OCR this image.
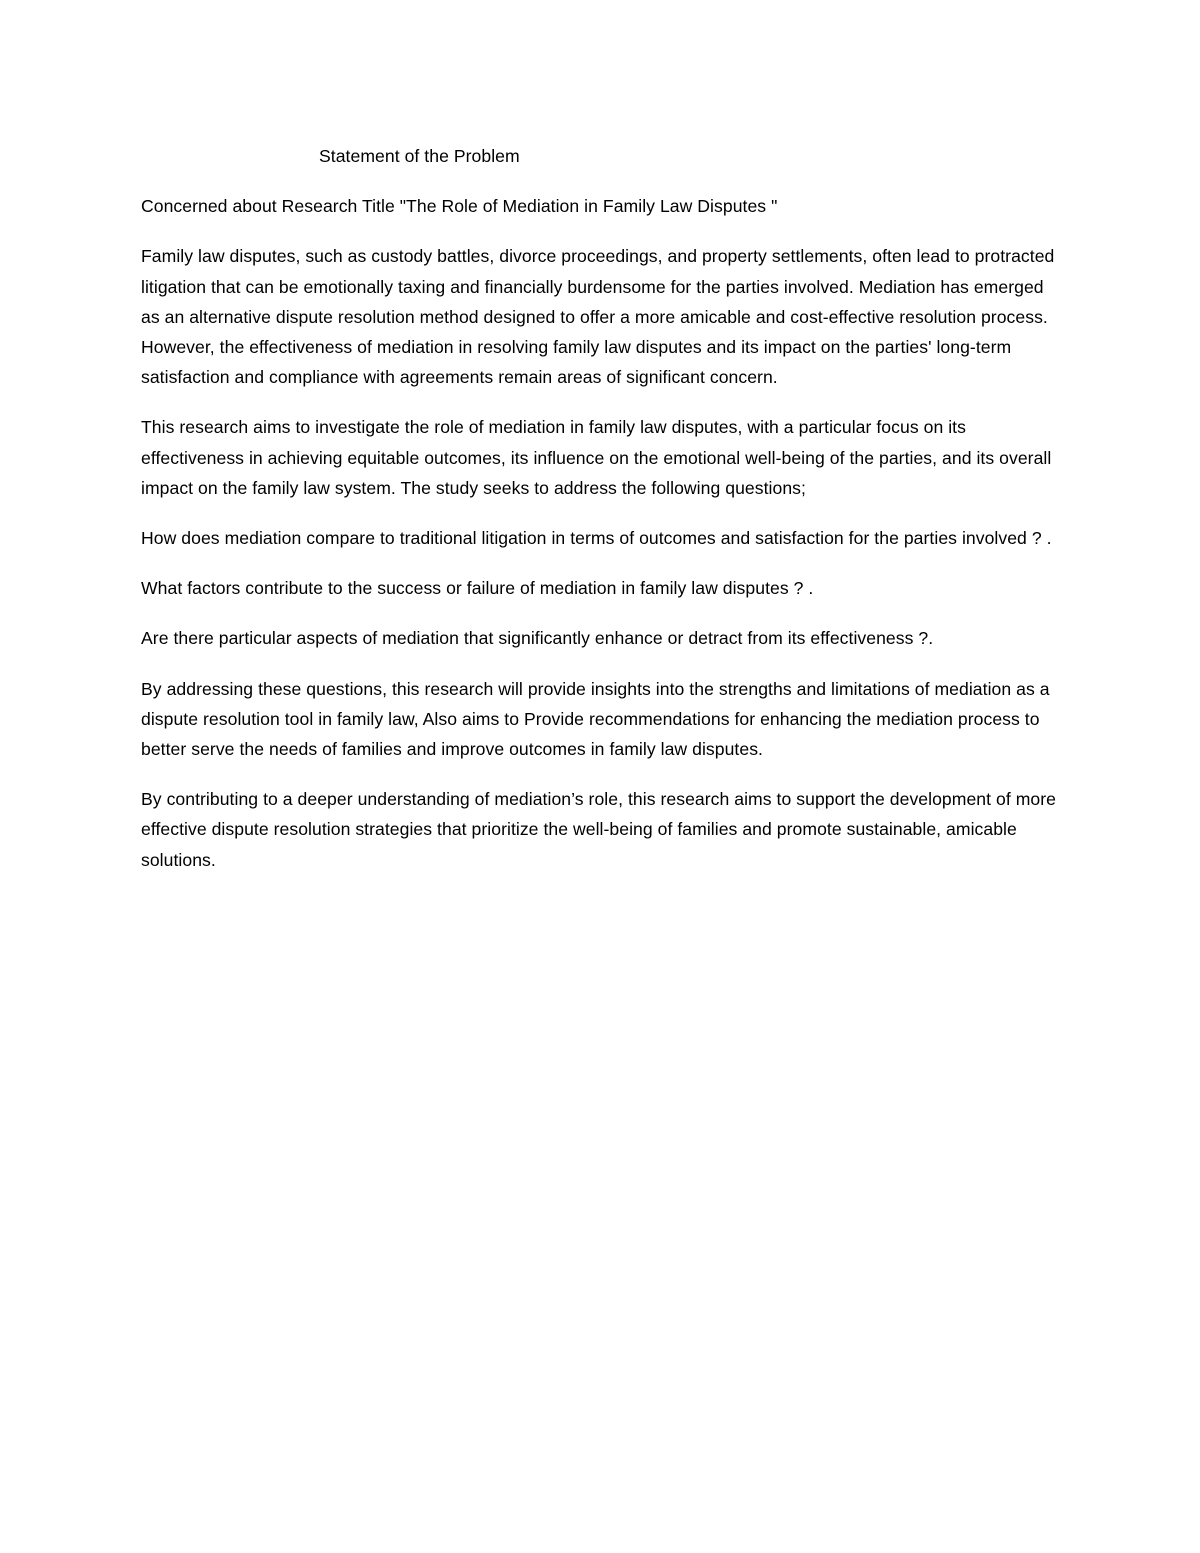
Statement of the Problem

Concerned about Research Title "The Role of Mediation in Family Law Disputes "

Family law disputes, such as custody battles, divorce proceedings, and property settlements, often lead to protracted litigation that can be emotionally taxing and financially burdensome for the parties involved. Mediation has emerged as an alternative dispute resolution method designed to offer a more amicable and cost-effective resolution process. However, the effectiveness of mediation in resolving family law disputes and its impact on the parties' long-term satisfaction and compliance with agreements remain areas of significant concern.

This research aims to investigate the role of mediation in family law disputes, with a particular focus on its effectiveness in achieving equitable outcomes, its influence on the emotional well-being of the parties, and its overall impact on the family law system. The study seeks to address the following questions;

How does mediation compare to traditional litigation in terms of outcomes and satisfaction for the parties involved ? .

What factors contribute to the success or failure of mediation in family law disputes ? .

Are there particular aspects of mediation that significantly enhance or detract from its effectiveness ?.

By addressing these questions, this research will provide insights into the strengths and limitations of mediation as a dispute resolution tool in family law, Also aims to Provide recommendations for enhancing the mediation process to better serve the needs of families and improve outcomes in family law disputes.

By contributing to a deeper understanding of mediation’s role, this research aims to support the development of more effective dispute resolution strategies that prioritize the well-being of families and promote sustainable, amicable solutions.
